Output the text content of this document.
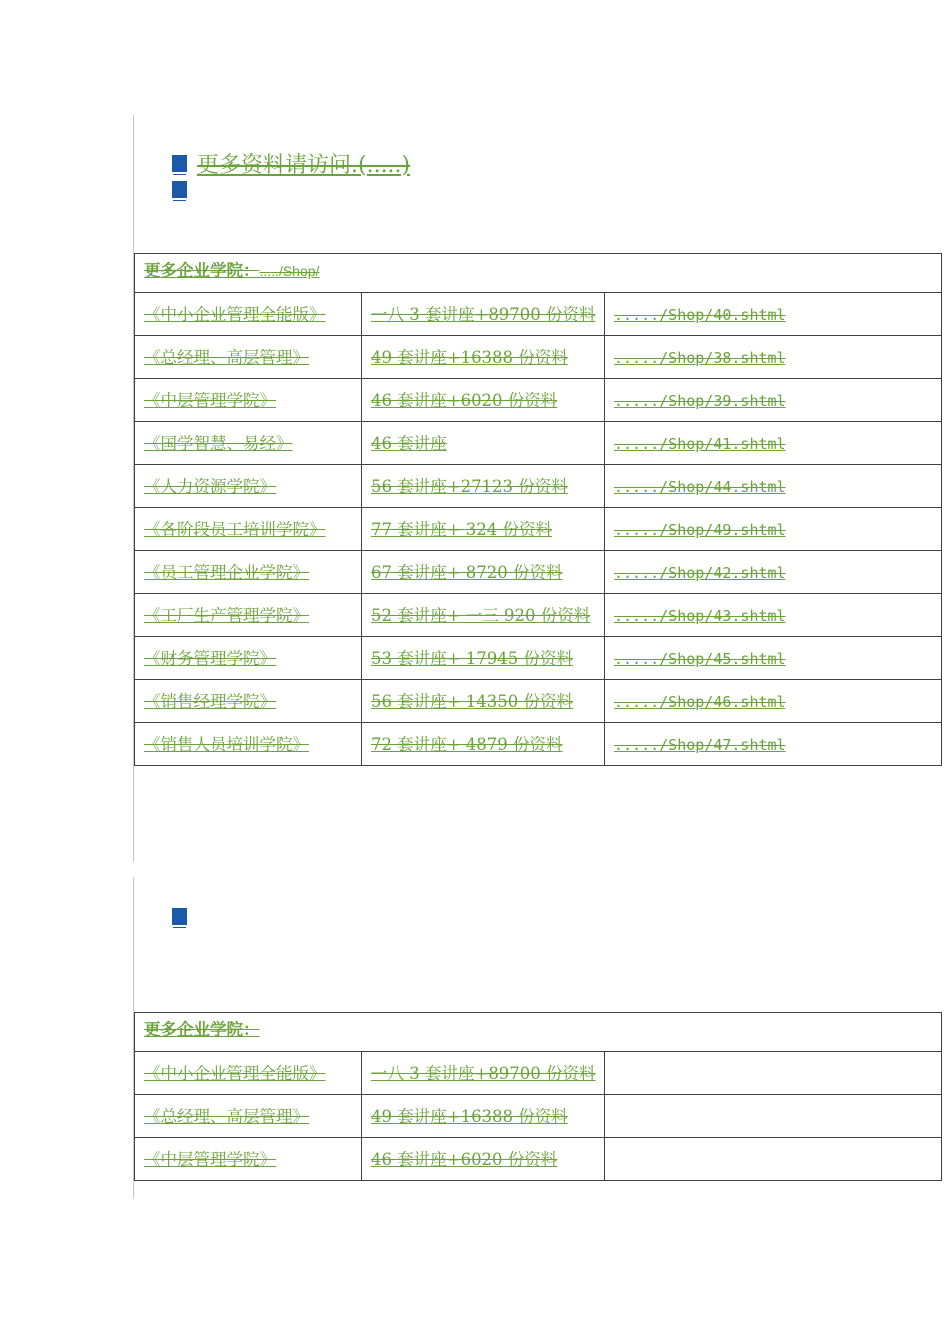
更多资料请访问.(.....)
更多企业学院：...../Shop/		
《中小企业管理全能版》	一八 3 套讲座+89700 份资料	...../Shop/40.shtml
《总经理、高层管理》	49 套讲座+16388 份资料	...../Shop/38.shtml
《中层管理学院》	46 套讲座+6020 份资料	...../Shop/39.shtml
《国学智慧、易经》	46 套讲座	...../Shop/41.shtml
《人力资源学院》	56 套讲座+27123 份资料	...../Shop/44.shtml
《各阶段员工培训学院》	77 套讲座+ 324 份资料	...../Shop/49.shtml
《员工管理企业学院》	67 套讲座+ 8720 份资料	...../Shop/42.shtml
《工厂生产管理学院》	52 套讲座+ 一三 920 份资料	...../Shop/43.shtml
《财务管理学院》	53 套讲座+ 17945 份资料	...../Shop/45.shtml
《销售经理学院》	56 套讲座+ 14350 份资料	...../Shop/46.shtml
《销售人员培训学院》	72 套讲座+ 4879 份资料	...../Shop/47.shtml
更多企业学院：		
《中小企业管理全能版》	一八 3 套讲座+89700 份资料	
《总经理、高层管理》	49 套讲座+16388 份资料	
《中层管理学院》	46 套讲座+6020 份资料	
